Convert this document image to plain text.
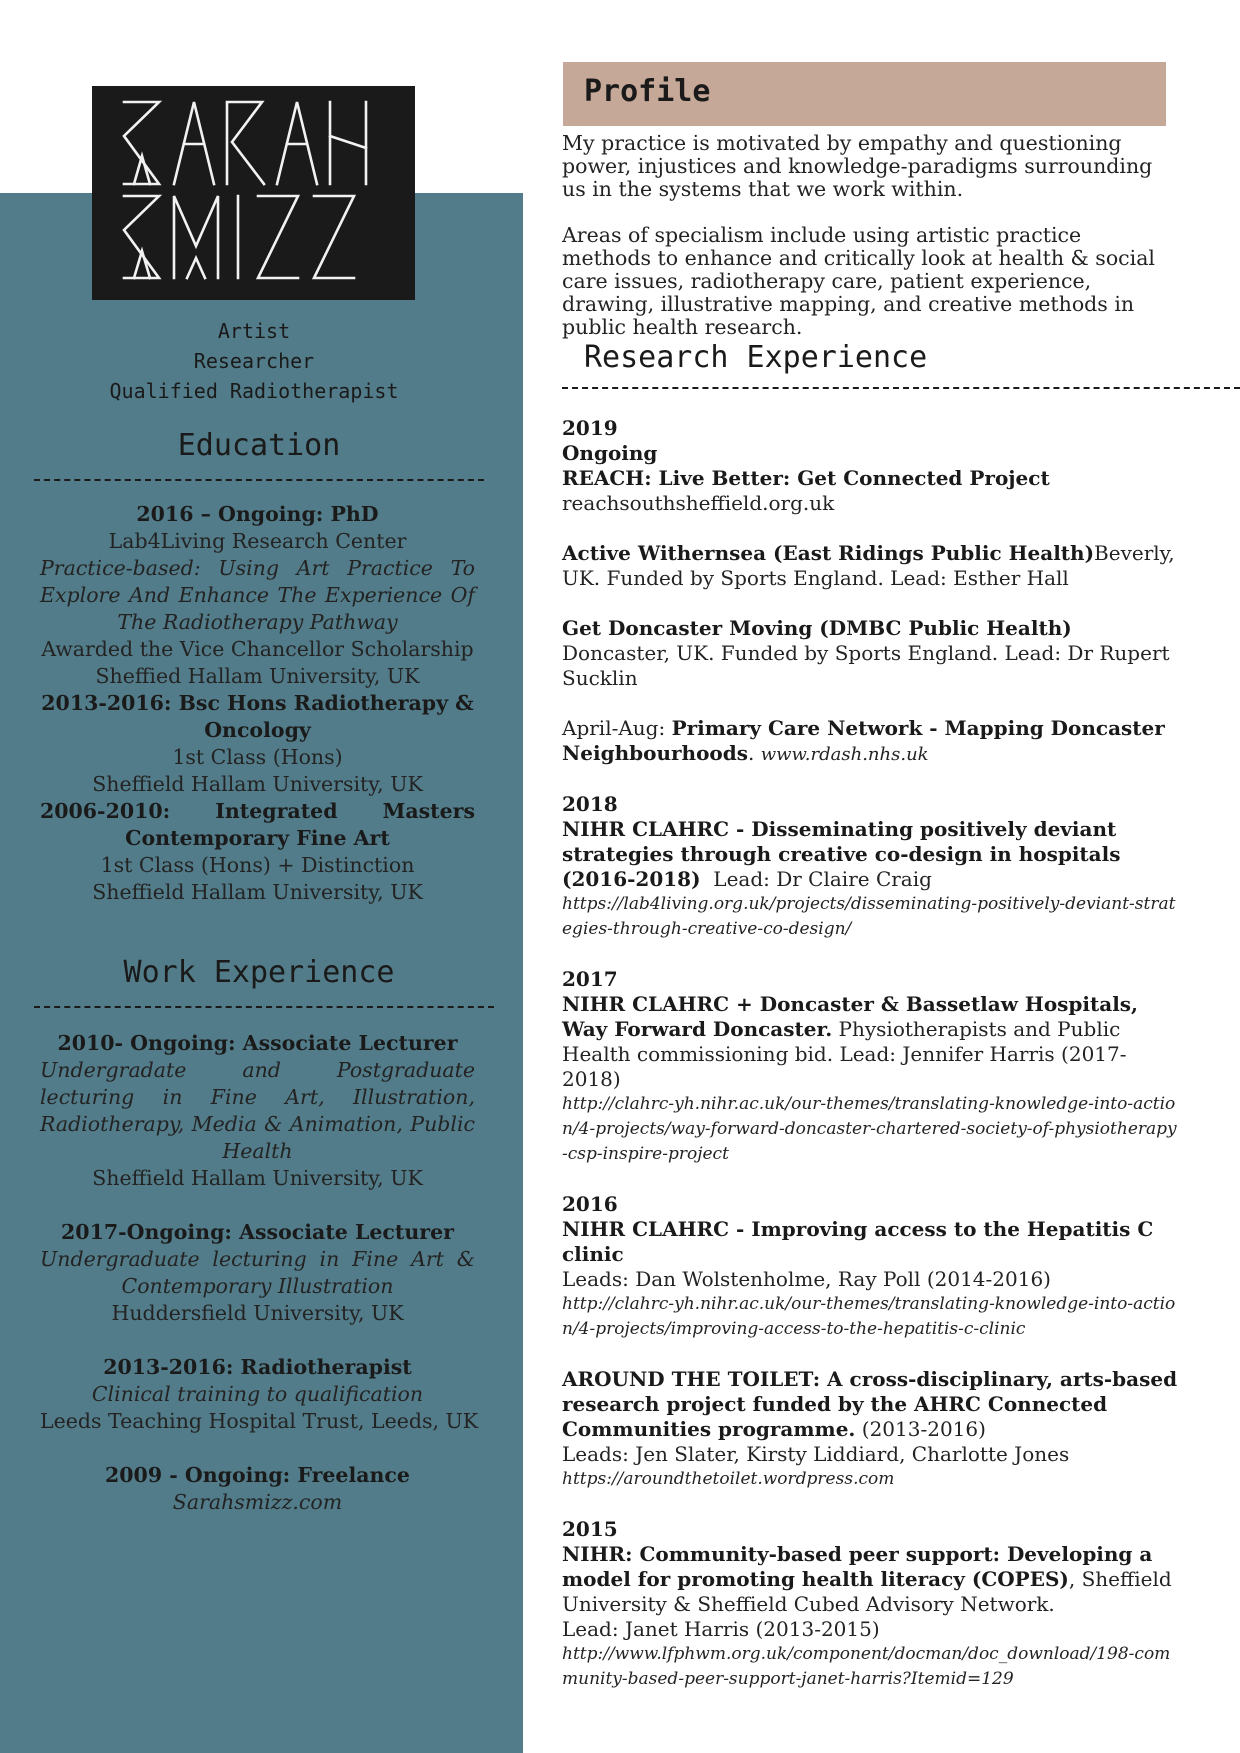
Artist
Researcher
Qualified Radiotherapist
Education
2016 – Ongoing: PhD
Lab4Living Research Center
Practice-based: Using Art Practice To Explore And Enhance The Experience Of The Radiotherapy Pathway
Awarded the Vice Chancellor Scholarship
Sheffied Hallam University, UK
2013-2016: Bsc Hons Radiotherapy & Oncology
1st Class (Hons)
Sheffield Hallam University, UK
2006-2010: Integrated Masters Contemporary Fine Art
1st Class (Hons) + Distinction
Sheffield Hallam University, UK
Work Experience
2010- Ongoing: Associate Lecturer
Undergradate and Postgraduate lecturing in Fine Art, Illustration, Radiotherapy, Media & Animation, Public Health
Sheffield Hallam University, UK
2017-Ongoing: Associate Lecturer
Undergraduate lecturing in Fine Art & Contemporary Illustration
Huddersfield University, UK
2013-2016: Radiotherapist
Clinical training to qualification
Leeds Teaching Hospital Trust, Leeds, UK
2009 - Ongoing: Freelance
Sarahsmizz.com
Profile

My practice is motivated by empathy and questioning power, injustices and knowledge-paradigms surrounding us in the systems that we work within.

Areas of specialism include using artistic practice methods to enhance and critically look at health & social care issues, radiotherapy care, patient experience, drawing, illustrative mapping, and creative methods in public health research.

Research Experience
2019
Ongoing
REACH: Live Better: Get Connected Project
reachsouthsheffield.org.uk
Active Withernsea (East Ridings Public Health)Beverly, UK. Funded by Sports England. Lead: Esther Hall
Get Doncaster Moving (DMBC Public Health)
Doncaster, UK. Funded by Sports England. Lead: Dr Rupert Sucklin
April-Aug: Primary Care Network - Mapping Doncaster Neighbourhoods. www.rdash.nhs.uk
2018
NIHR CLAHRC - Disseminating positively deviant strategies through creative co-design in hospitals
(2016-2018) Lead: Dr Claire Craig
https://lab4living.org.uk/projects/disseminating-positively-deviant-strategies-through-creative-co-design/
2017
NIHR CLAHRC + Doncaster & Bassetlaw Hospitals, Way Forward Doncaster. Physiotherapists and Public Health commissioning bid. Lead: Jennifer Harris (2017-2018)
http://clahrc-yh.nihr.ac.uk/our-themes/translating-knowledge-into-action/4-projects/way-forward-doncaster-chartered-society-of-physiotherapy-csp-inspire-project
2016
NIHR CLAHRC - Improving access to the Hepatitis C clinic
Leads: Dan Wolstenholme, Ray Poll (2014-2016)
http://clahrc-yh.nihr.ac.uk/our-themes/translating-knowledge-into-action/4-projects/improving-access-to-the-hepatitis-c-clinic
AROUND THE TOILET: A cross-disciplinary, arts-based research project funded by the AHRC Connected Communities programme. (2013-2016)
Leads: Jen Slater, Kirsty Liddiard, Charlotte Jones
https://aroundthetoilet.wordpress.com
2015
NIHR: Community-based peer support: Developing a model for promoting health literacy (COPES), Sheffield University & Sheffield Cubed Advisory Network.
Lead: Janet Harris (2013-2015)
http://www.lfphwm.org.uk/component/docman/doc_download/198-community-based-peer-support-janet-harris?Itemid=129
